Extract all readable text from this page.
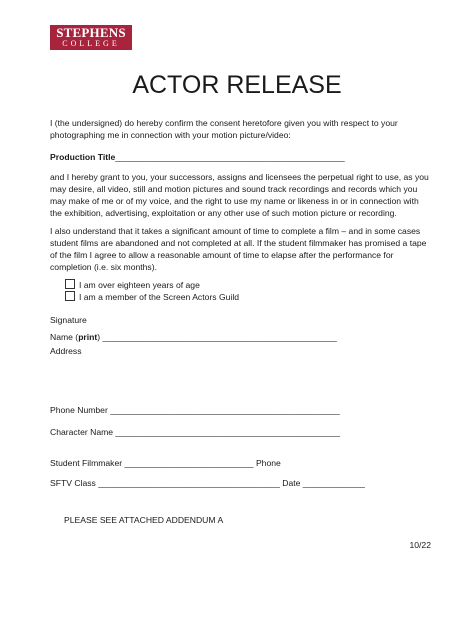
STEPHENS
COLLEGE
ACTOR RELEASE
I (the undersigned) do hereby confirm the consent heretofore given you with respect to your
photographing me in connection with your motion picture/video:
Production Title________________________________________________
and I hereby grant to you, your successors, assigns and licensees the perpetual right to use, as you
may desire, all video, still and motion pictures and sound track recordings and records which you
may make of me or of my voice, and the right to use my name or likeness in or in connection with
the exhibition, advertising, exploitation or any other use of such motion picture or recording.
I also understand that it takes a significant amount of time to complete a film – and in some cases
student films are abandoned and not completed at all. If the student filmmaker has promised a tape
of the film I agree to allow a reasonable amount of time to elapse after the performance for
completion (i.e. six months).
I am over eighteen years of age
I am a member of the Screen Actors Guild
Signature
Name (print) _________________________________________________
Address
Phone Number ________________________________________________
Character Name _______________________________________________
Student Filmmaker ___________________________ Phone
SFTV Class ______________________________________ Date _____________
PLEASE SEE ATTACHED ADDENDUM A
10/22
